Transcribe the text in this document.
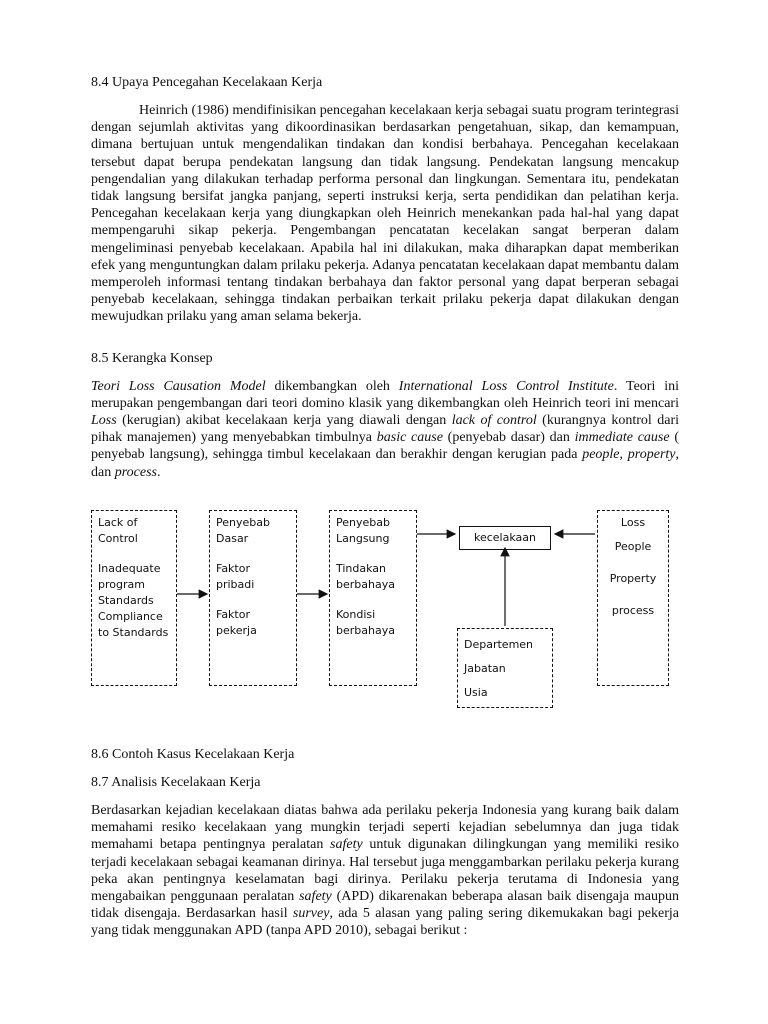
8.4 Upaya Pencegahan Kecelakaan Kerja

Heinrich (1986) mendifinisikan pencegahan kecelakaan kerja sebagai suatu program terintegrasi dengan sejumlah aktivitas yang dikoordinasikan berdasarkan pengetahuan, sikap, dan kemampuan, dimana bertujuan untuk mengendalikan tindakan dan kondisi berbahaya. Pencegahan kecelakaan tersebut dapat berupa pendekatan langsung dan tidak langsung. Pendekatan langsung mencakup pengendalian yang dilakukan terhadap performa personal dan lingkungan. Sementara itu, pendekatan tidak langsung bersifat jangka panjang, seperti instruksi kerja, serta pendidikan dan pelatihan kerja. Pencegahan kecelakaan kerja yang diungkapkan oleh Heinrich menekankan pada hal-hal yang dapat mempengaruhi sikap pekerja. Pengembangan pencatatan kecelakan sangat berperan dalam mengeliminasi penyebab kecelakaan. Apabila hal ini dilakukan, maka diharapkan dapat memberikan efek yang menguntungkan dalam prilaku pekerja. Adanya pencatatan kecelakaan dapat membantu dalam memperoleh informasi tentang tindakan berbahaya dan faktor personal yang dapat berperan sebagai penyebab kecelakaan, sehingga tindakan perbaikan terkait prilaku pekerja dapat dilakukan dengan mewujudkan prilaku yang aman selama bekerja.

8.5 Kerangka Konsep

Teori Loss Causation Model dikembangkan oleh International Loss Control Institute. Teori ini merupakan pengembangan dari teori domino klasik yang dikembangkan oleh Heinrich teori ini mencari Loss (kerugian) akibat kecelakaan kerja yang diawali dengan lack of control (kurangnya kontrol dari pihak manajemen) yang menyebabkan timbulnya basic cause (penyebab dasar) dan immediate cause ( penyebab langsung), sehingga timbul kecelakaan dan berakhir dengan kerugian pada people, property, dan process.

Lack of Control

Inadequate program

Standards

Compliance to Standards

Penyebab Dasar

Faktor pribadi

Faktor pekerja

Penyebab Langsung

Tindakan berbahaya

Kondisi berbahaya

kecelakaan

Departemen

Jabatan

Usia

Loss

People

Property

process

8.6 Contoh Kasus Kecelakaan Kerja

8.7 Analisis Kecelakaan Kerja

Berdasarkan kejadian kecelakaan diatas bahwa ada perilaku pekerja Indonesia yang kurang baik dalam memahami resiko kecelakaan yang mungkin terjadi seperti kejadian sebelumnya dan juga tidak memahami betapa pentingnya peralatan safety untuk digunakan dilingkungan yang memiliki resiko terjadi kecelakaan sebagai keamanan dirinya. Hal tersebut juga menggambarkan perilaku pekerja kurang peka akan pentingnya keselamatan bagi dirinya. Perilaku pekerja terutama di Indonesia yang mengabaikan penggunaan peralatan safety (APD) dikarenakan beberapa alasan baik disengaja maupun tidak disengaja. Berdasarkan hasil survey, ada 5 alasan yang paling sering dikemukakan bagi pekerja yang tidak menggunakan APD (tanpa APD 2010), sebagai berikut :
